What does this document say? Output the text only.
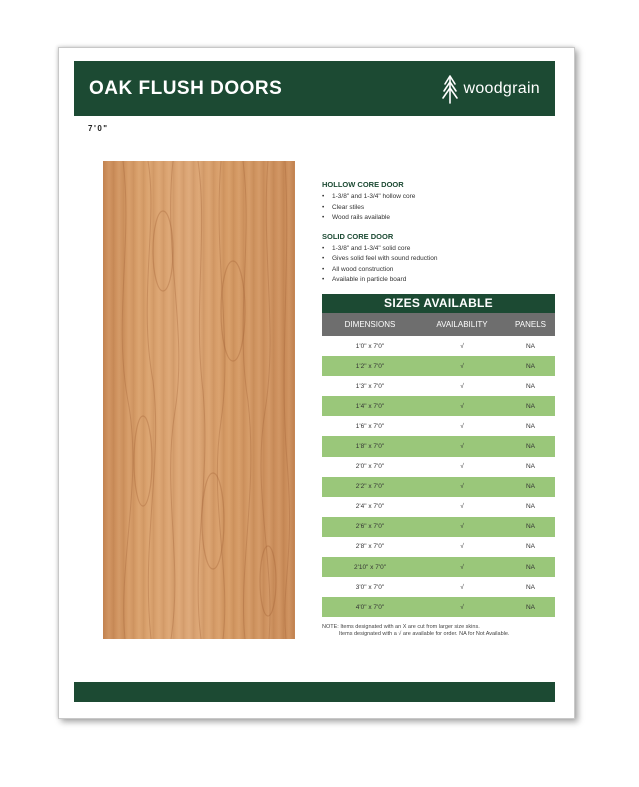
OAK FLUSH DOORS	woodgrain
7'0"
HOLLOW CORE DOOR
• 1-3/8" and 1-3/4" hollow core
• Clear stiles
• Wood rails available
SOLID CORE DOOR
• 1-3/8" and 1-3/4" solid core
• Gives solid feel with sound reduction
• All wood construction
• Available in particle board
SIZES AVAILABLE
DIMENSIONS	AVAILABILITY	PANELS
1'0" x 7'0"	√	NA
1'2" x 7'0"	√	NA
1'3" x 7'0"	√	NA
1'4" x 7'0"	√	NA
1'6" x 7'0"	√	NA
1'8" x 7'0"	√	NA
2'0" x 7'0"	√	NA
2'2" x 7'0"	√	NA
2'4" x 7'0"	√	NA
2'6" x 7'0"	√	NA
2'8" x 7'0"	√	NA
2'10" x 7'0"	√	NA
3'0" x 7'0"	√	NA
4'0" x 7'0"	√	NA
NOTE: Items designated with an X are cut from larger size skins.
Items designated with a √ are available for order. NA for Not Available.
